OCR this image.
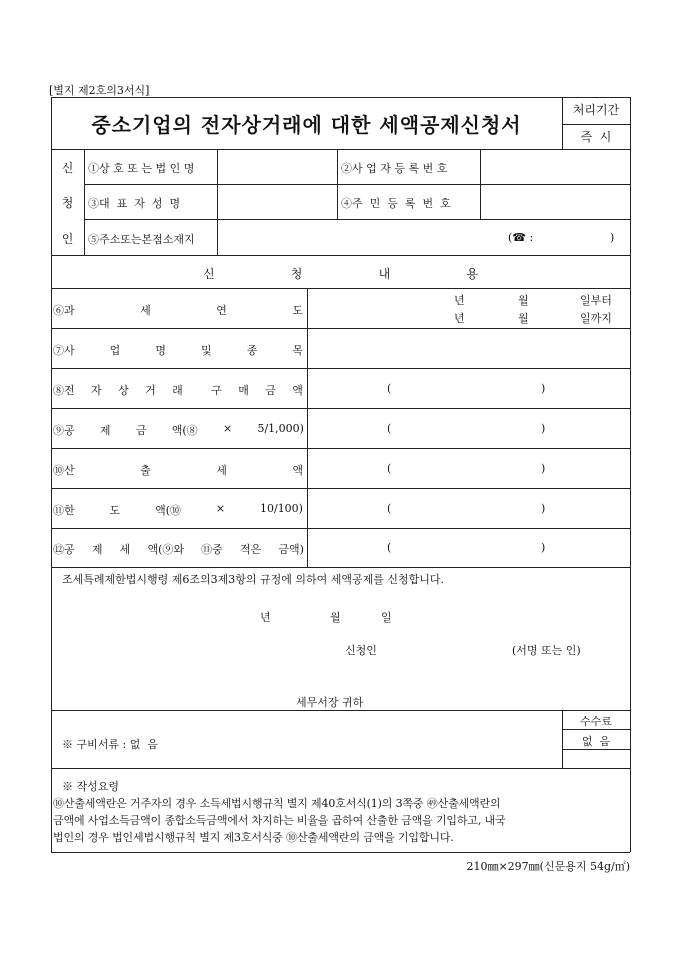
[별지 제2호의3서식]
중소기업의 전자상거래에 대한 세액공제신청서
처리기간
즉  시
신
청
인
①상 호 또 는 법 인 명	②사 업 자 등 록 번 호
③대  표  자  성  명	④주  민  등  록  번  호
⑤주소또는본점소재지	(☎ :	)
신	청	내	용
⑥과	세	연	도
년	월	일부터
년	월	일까지
⑦사	업	명	및	종	목
⑧전 자 상 거 래	구 매 금 액	(	)
⑨공 제 금 액(⑧ × 5/1,000)	(	)
⑩산	출	세	액	(	)
⑪한	도	액(⑩	×	10/100)	(	)
⑫공 제 세 액(⑨와 ⑪중 적은 금액)	(	)
조세특례제한법시행령 제6조의3제3항의 규정에 의하여 세액공제를 신청합니다.
년	월	일
신청인	(서명 또는 인)
세무서장 귀하
※ 구비서류 : 없  음
수수료
없  음
※ 작성요령
⑩산출세액란은 거주자의 경우 소득세법시행규칙 별지 제40호서식(1)의 3쪽중 ㊾산출세액란의
금액에 사업소득금액이 종합소득금액에서 차지하는 비율을 곱하여 산출한 금액을 기입하고, 내국
법인의 경우 법인세법시행규칙 별지 제3호서식중 ⑩산출세액란의 금액을 기입합니다.
210㎜×297㎜(신문용지 54g/㎡)
